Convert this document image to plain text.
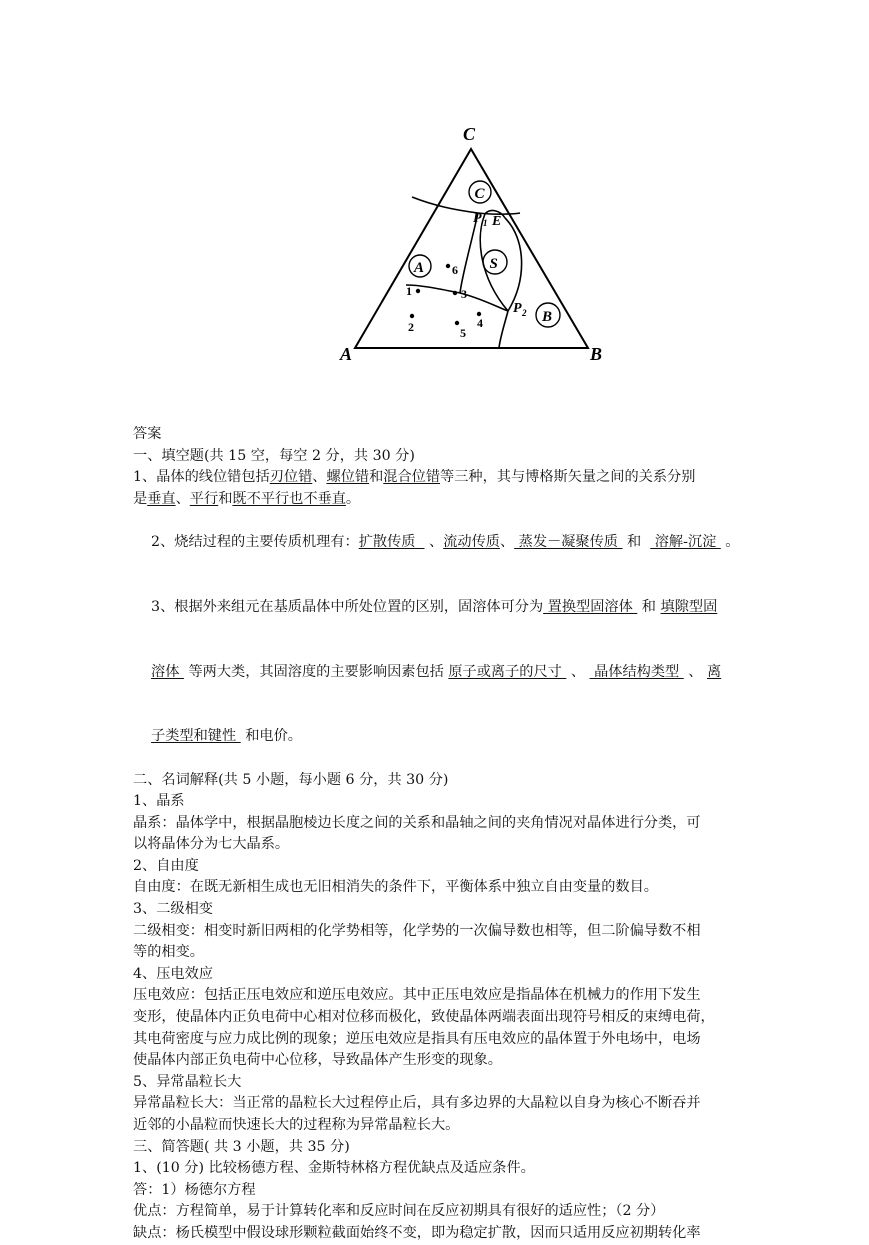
C
A	B
C
A	S
B
P 1 E
P 2
1
2
3
4
5
6
答案
一、填空题(共 15 空，每空 2 分，共 30 分)
1、晶体的线位错包括刃位错、螺位错和混合位错等三种，其与博格斯矢量之间的关系分别
是垂直、平行和既不平行也不垂直。

2、烧结过程的主要传质机理有：扩散传质   、流动传质、 蒸发－凝聚传质  和   溶解-沉淀  。

3、根据外来组元在基质晶体中所处位置的区别，固溶体可分为 置换型固溶体  和 填隙型固

溶体  等两大类，其固溶度的主要影响因素包括 原子或离子的尺寸  、  晶体结构类型  、 离

子类型和键性  和电价。

二、名词解释(共 5 小题，每小题 6 分，共 30 分)
1、晶系
晶系：晶体学中，根据晶胞棱边长度之间的关系和晶轴之间的夹角情况对晶体进行分类，可
以将晶体分为七大晶系。
2、自由度
自由度：在既无新相生成也无旧相消失的条件下，平衡体系中独立自由变量的数目。
3、二级相变
二级相变：相变时新旧两相的化学势相等，化学势的一次偏导数也相等，但二阶偏导数不相
等的相变。
4、压电效应
压电效应：包括正压电效应和逆压电效应。其中正压电效应是指晶体在机械力的作用下发生
变形，使晶体内正负电荷中心相对位移而极化，致使晶体两端表面出现符号相反的束缚电荷，
其电荷密度与应力成比例的现象；逆压电效应是指具有压电效应的晶体置于外电场中，电场
使晶体内部正负电荷中心位移，导致晶体产生形变的现象。
5、异常晶粒长大
异常晶粒长大：当正常的晶粒长大过程停止后，具有多边界的大晶粒以自身为核心不断吞并
近邻的小晶粒而快速长大的过程称为异常晶粒长大。
三、简答题( 共 3 小题，共 35 分)
1、(10 分) 比较杨德方程、金斯特林格方程优缺点及适应条件。
答：1）杨德尔方程
优点：方程简单，易于计算转化率和反应时间在反应初期具有很好的适应性；（2 分）
缺点：杨氏模型中假设球形颗粒截面始终不变，即为稳定扩散，因而只适用反应初期转化率
